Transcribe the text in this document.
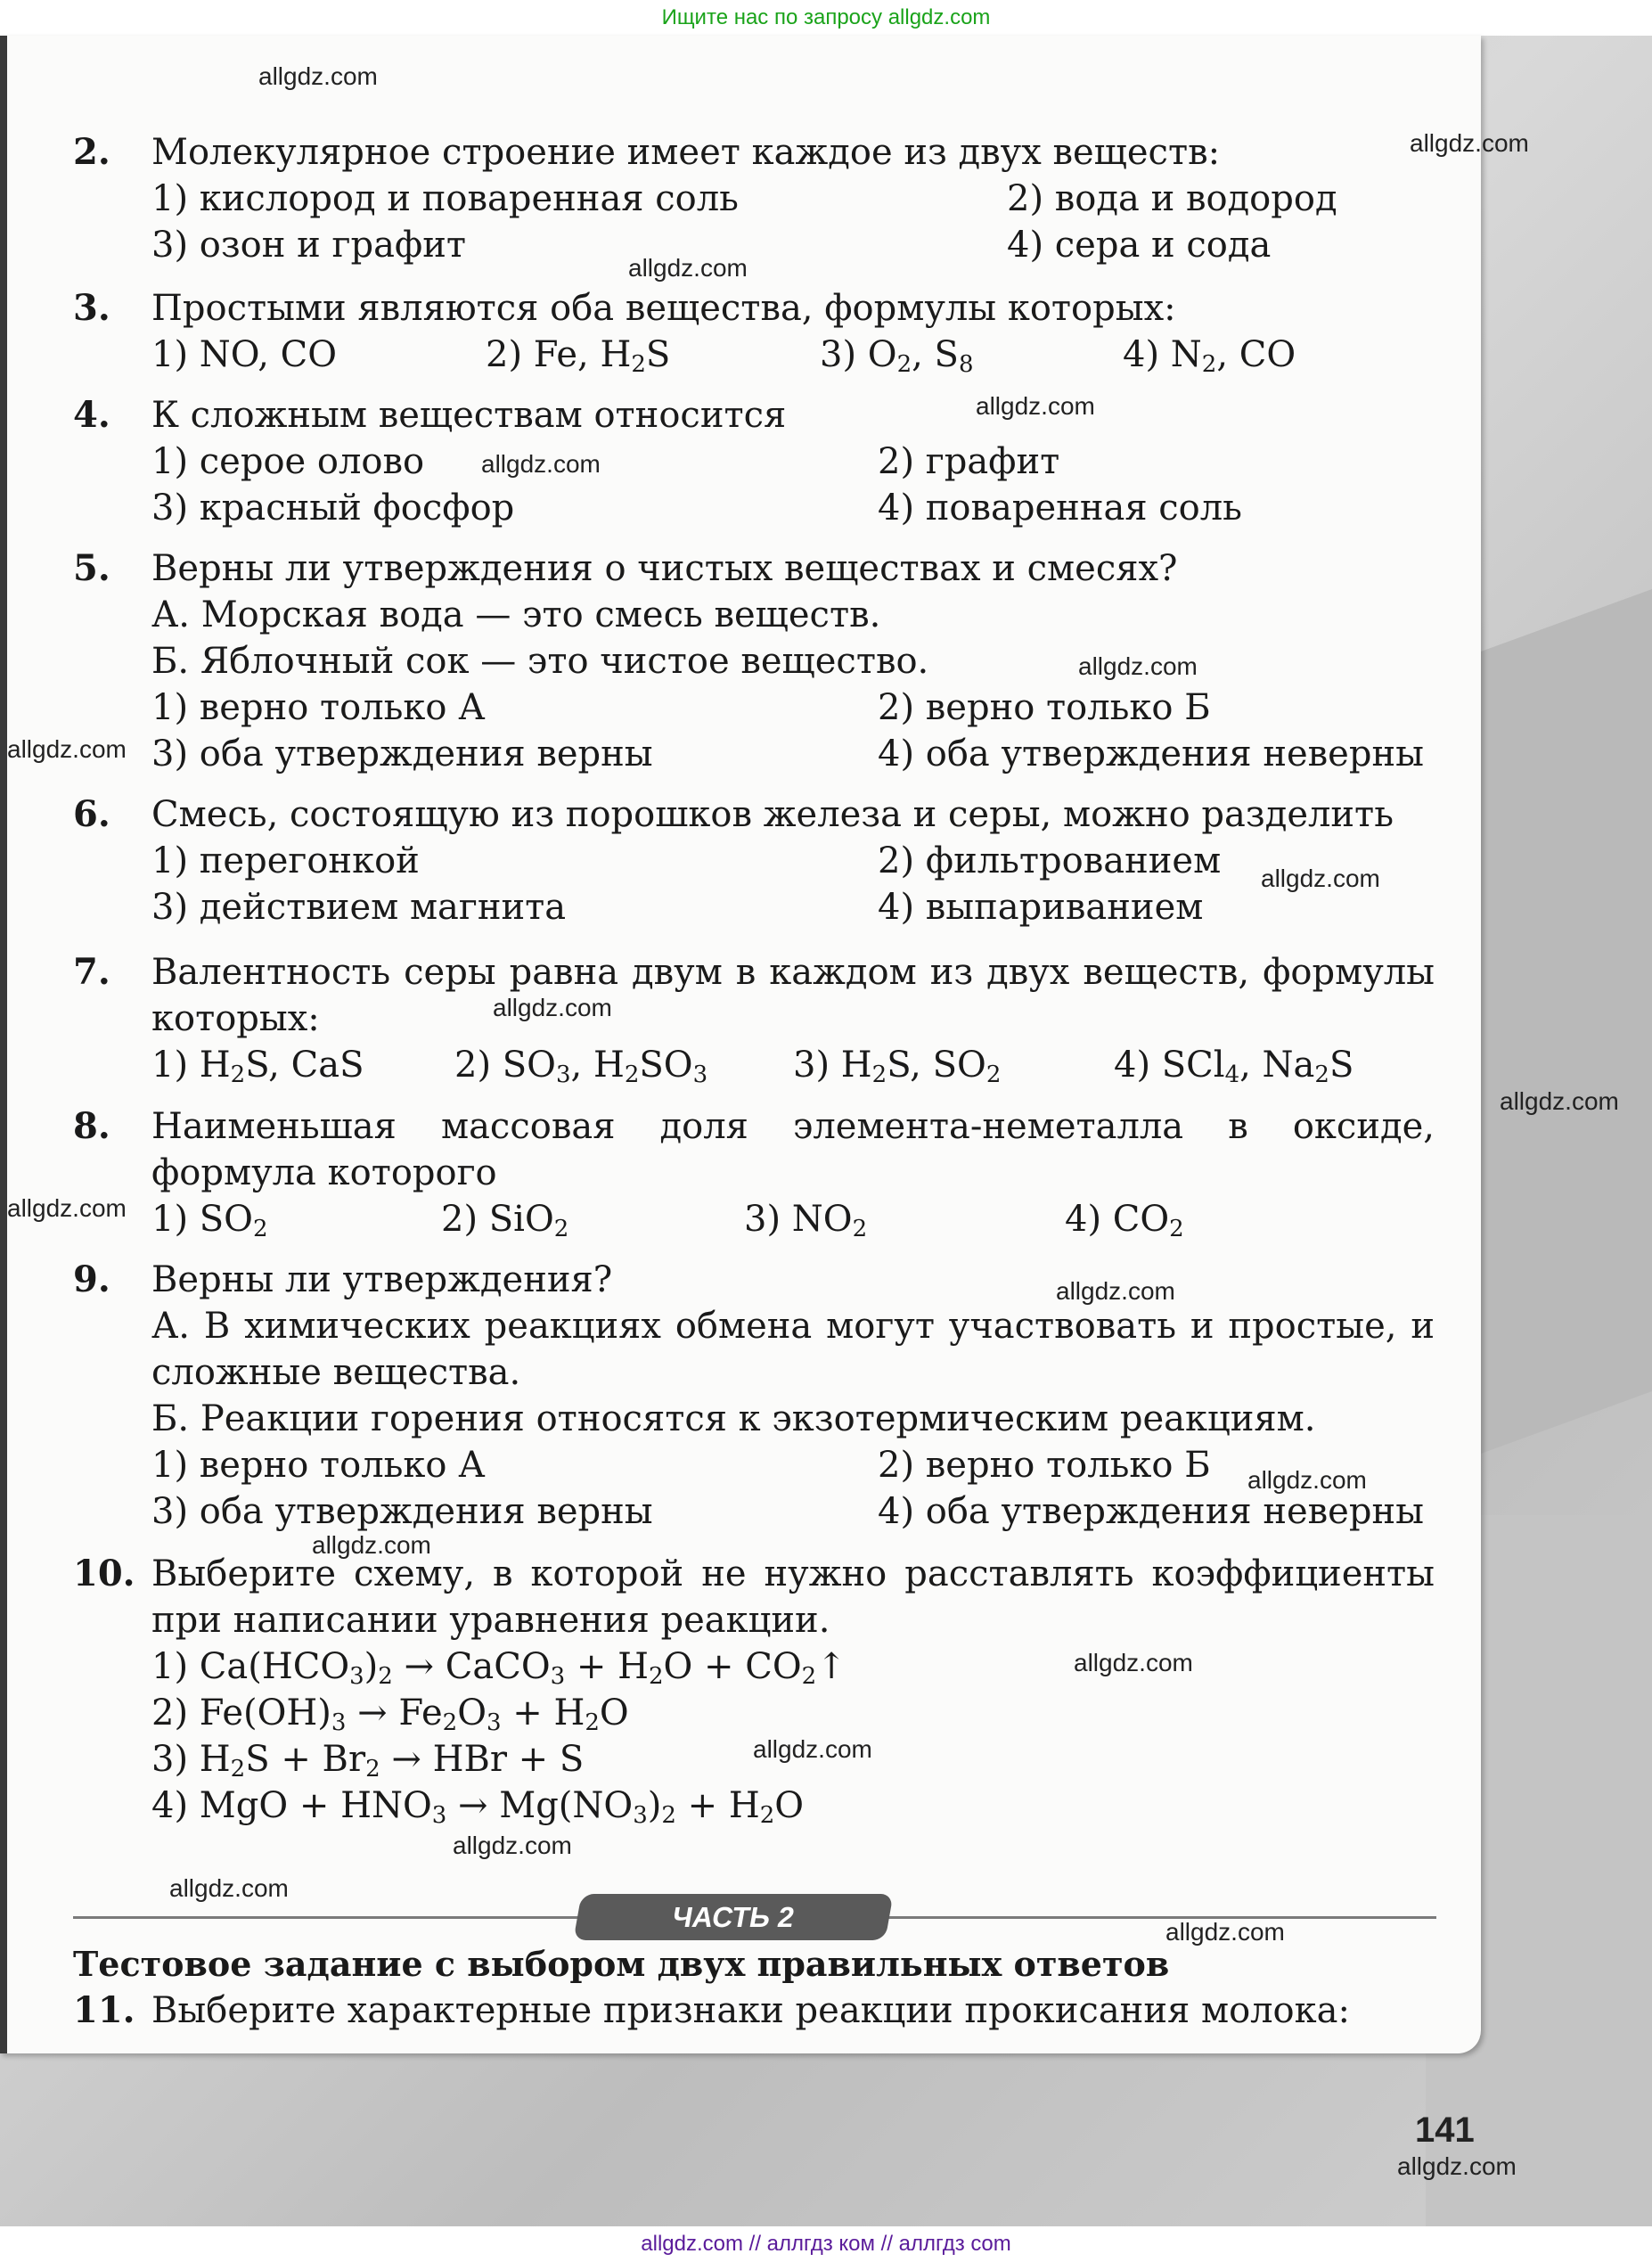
Ищите нас по запросу allgdz.com
2. Молекулярное строение имеет каждое из двух веществ:
1) кислород и поваренная соль	2) вода и водород
3) озон и графит	4) сера и сода
3. Простыми являются оба вещества, формулы которых:
1) NO, CO	2) Fe, $H_2S$	3) $O_2$, $S_8$	4) $N_2$, CO
4. К сложным веществам относится
1) серое олово	2) графит
3) красный фосфор	4) поваренная соль
5. Верны ли утверждения о чистых веществах и смесях?
А. Морская вода — это смесь веществ.
Б. Яблочный сок — это чистое вещество.
1) верно только А	2) верно только Б
3) оба утверждения верны	4) оба утверждения неверны
6. Смесь, состоящую из порошков железа и серы, можно разделить
1) перегонкой	2) фильтрованием
3) действием магнита	4) выпариванием
7. Валентность серы равна двум в каждом из двух веществ, формулы которых:
1) $H_2S$, CaS	2) $SO_3$, $H_2SO_3$ 3) $H_2S$, $SO_2$	4) SCl$_4$, $Na_2S$
8. Наименьшая массовая доля элемента-неметалла в оксиде, формула которого
1) $SO_2$	2) SiO$_2$	3) $NO_2$	4) $CO_2$
9. Верны ли утверждения?
А. В химических реакциях обмена могут участвовать и простые, и сложные вещества.
Б. Реакции горения относятся к экзотермическим реакциям.
1) верно только А	2) верно только Б
3) оба утверждения верны	4) оба утверждения неверны
10. Выберите схему, в которой не нужно расставлять коэффициенты при написании уравнения реакции.
1) $Ca(HCO_3)_2$ → CaCO$_3$ + $H_2O$ + $CO_2↑$
2) $Fe(OH)_3 \to Fe_2O_3 + H_2O$
3) $H_2S + Br_2$ → HBr + S
4) MgO + $HNO_3 \to Mg(NO_3)_2 + H_2O$
ЧАСТЬ 2
Тестовое задание с выбором двух правильных ответов
11. Выберите характерные признаки реакции прокисания молока:
141
allgdz.com
allgdz.com
allgdz.com
allgdz.com
allgdz.com
allgdz.com
allgdz.com
allgdz.com
allgdz.com
allgdz.com
allgdz.com
allgdz.com
allgdz.com
allgdz.com
allgdz.com
allgdz.com
allgdz.com
allgdz.com
allgdz.com
allgdz.com
allgdz.com // аллгдз ком // аллгдз com
